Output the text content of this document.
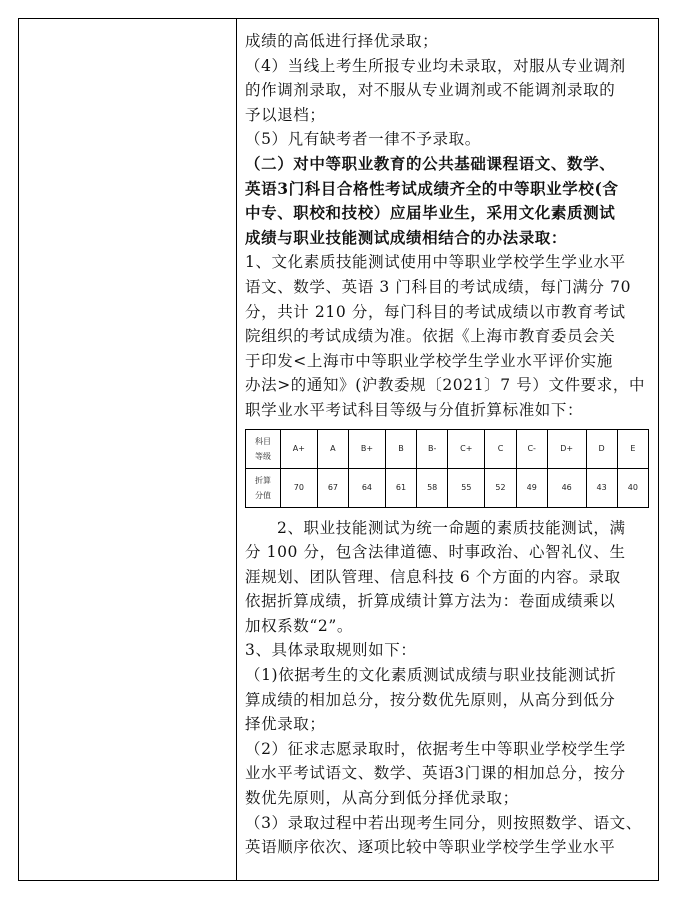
成绩的高低进行择优录取；
（4）当线上考生所报专业均未录取，对服从专业调剂
的作调剂录取，对不服从专业调剂或不能调剂录取的
予以退档；
（5）凡有缺考者一律不予录取。
（二）对中等职业教育的公共基础课程语文、数学、
英语3门科目合格性考试成绩齐全的中等职业学校(含
中专、职校和技校）应届毕业生，采用文化素质测试
成绩与职业技能测试成绩相结合的办法录取：
1、文化素质技能测试使用中等职业学校学生学业水平
语文、数学、英语 3 门科目的考试成绩，每门满分 70
分，共计 210 分，每门科目的考试成绩以市教育考试
院组织的考试成绩为准。依据《上海市教育委员会关
于印发<上海市中等职业学校学生学业水平评价实施
办法>的通知》(沪教委规〔2021〕7 号）文件要求，中
职学业水平考试科目等级与分值折算标准如下：
科目
等级	A+	A	B+	B	B-	C+	C	C-	D+	D	E

折算
分值	70	67	64	61	58	55	52	49	46	43	40
2、职业技能测试为统一命题的素质技能测试，满
分 100 分，包含法律道德、时事政治、心智礼仪、生
涯规划、团队管理、信息科技 6 个方面的内容。录取
依据折算成绩，折算成绩计算方法为：卷面成绩乘以
加权系数“2”。
3、具体录取规则如下：
（1)依据考生的文化素质测试成绩与职业技能测试折
算成绩的相加总分，按分数优先原则，从高分到低分
择优录取；
（2）征求志愿录取时，依据考生中等职业学校学生学
业水平考试语文、数学、英语3门课的相加总分，按分
数优先原则，从高分到低分择优录取；
（3）录取过程中若出现考生同分，则按照数学、语文、
英语顺序依次、逐项比较中等职业学校学生学业水平
